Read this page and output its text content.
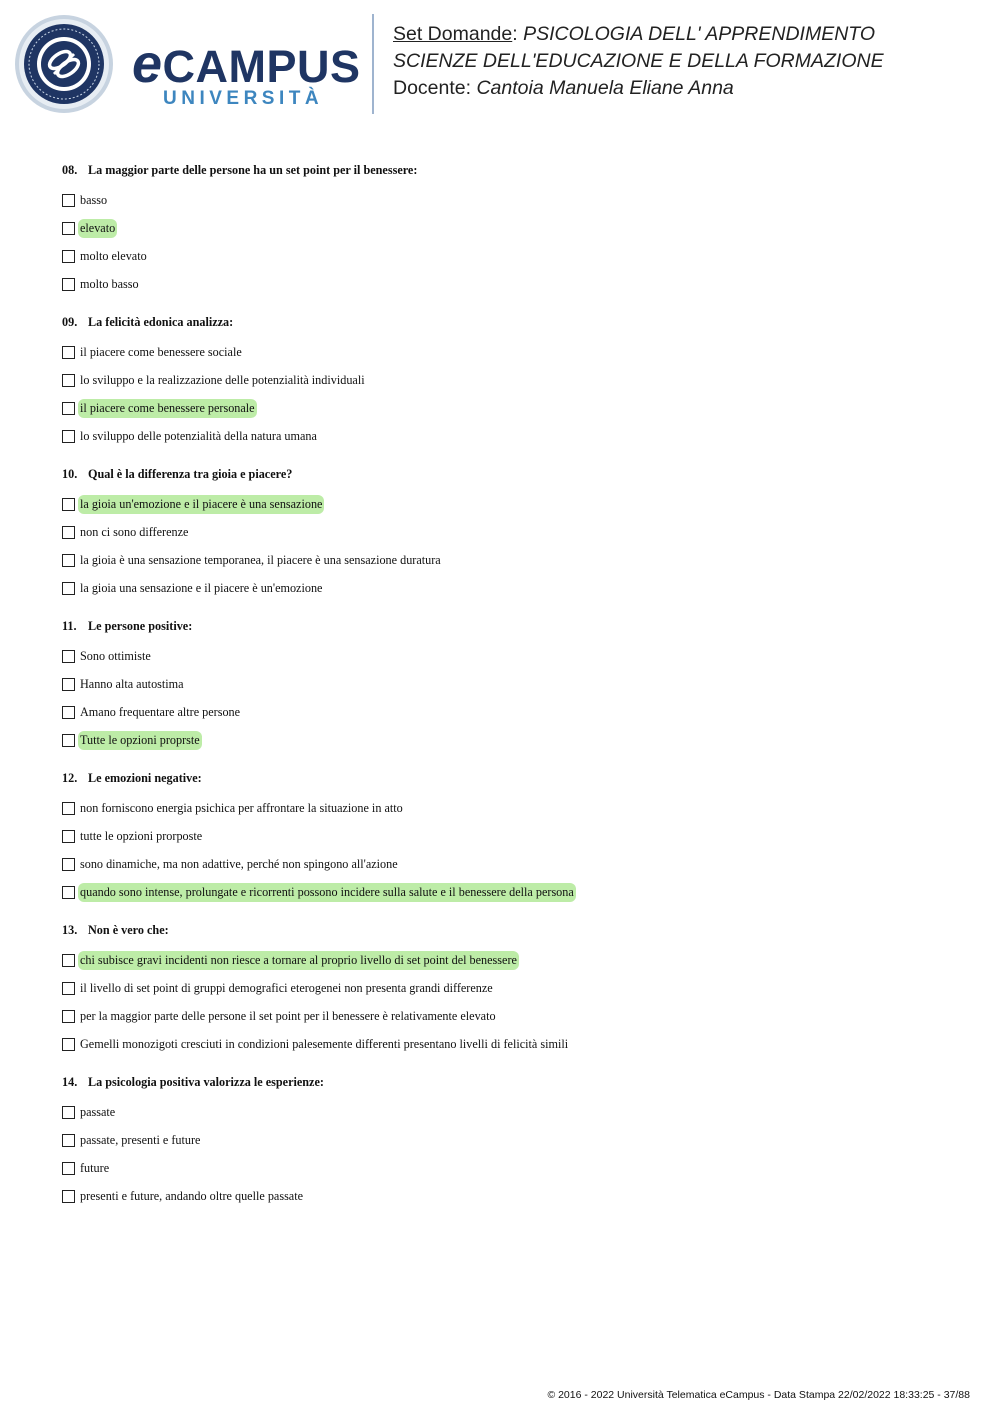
eCAMPUS
UNIVERSITÀ
Set Domande: PSICOLOGIA DELL' APPRENDIMENTO
SCIENZE DELL'EDUCAZIONE E DELLA FORMAZIONE
Docente: Cantoia Manuela Eliane Anna
08. La maggior parte delle persone ha un set point per il benessere:
basso
elevato
molto elevato
molto basso
09. La felicità edonica analizza:
il piacere come benessere sociale
lo sviluppo e la realizzazione delle potenzialità individuali
il piacere come benessere personale
lo sviluppo delle potenzialità della natura umana
10. Qual è la differenza tra gioia e piacere?
la gioia un'emozione e il piacere è una sensazione
non ci sono differenze
la gioia è una sensazione temporanea, il piacere è una sensazione duratura
la gioia una sensazione e il piacere è un'emozione
11. Le persone positive:
Sono ottimiste
Hanno alta autostima
Amano frequentare altre persone
Tutte le opzioni proprste
12. Le emozioni negative:
non forniscono energia psichica per affrontare la situazione in atto
tutte le opzioni prorposte
sono dinamiche, ma non adattive, perché non spingono all'azione
quando sono intense, prolungate e ricorrenti possono incidere sulla salute e il benessere della persona
13. Non è vero che:
chi subisce gravi incidenti non riesce a tornare al proprio livello di set point del benessere
il livello di set point di gruppi demografici eterogenei non presenta grandi differenze
per la maggior parte delle persone il set point per il benessere è relativamente elevato
Gemelli monozigoti cresciuti in condizioni palesemente differenti presentano livelli di felicità simili
14. La psicologia positiva valorizza le esperienze:
passate
passate, presenti e future
future
presenti e future, andando oltre quelle passate
© 2016 - 2022 Università Telematica eCampus - Data Stampa 22/02/2022 18:33:25 - 37/88
